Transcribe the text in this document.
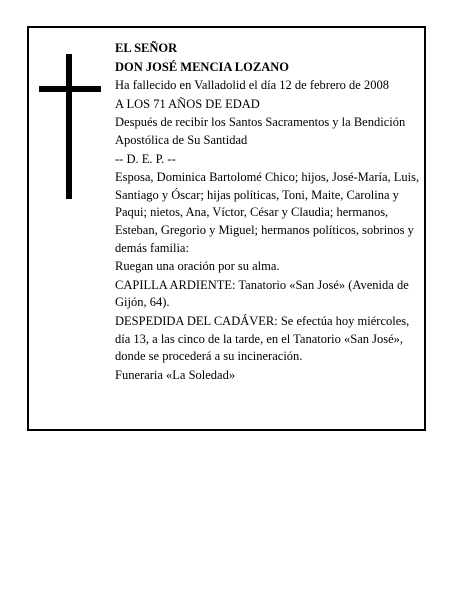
EL SEÑOR

DON JOSÉ MENCIA LOZANO

Ha fallecido en Valladolid el día 12 de febrero de 2008

A LOS 71 AÑOS DE EDAD

Después de recibir los Santos Sacramentos y la Bendición Apostólica de Su Santidad

-- D. E. P. --

Esposa, Dominica Bartolomé Chico; hijos, José-María, Luis, Santiago y Óscar; hijas políticas, Toni, Maite, Carolina y Paqui; nietos, Ana, Víctor, César y Claudia; hermanos, Esteban, Gregorio y Miguel; hermanos políticos, sobrinos y demás familia:

Ruegan una oración por su alma.

CAPILLA ARDIENTE: Tanatorio «San José» (Avenida de Gijón, 64).

DESPEDIDA DEL CADÁVER: Se efectúa hoy miércoles, día 13, a las cinco de la tarde, en el Tanatorio «San José», donde se procederá a su incineración.

Funeraria «La Soledad»
